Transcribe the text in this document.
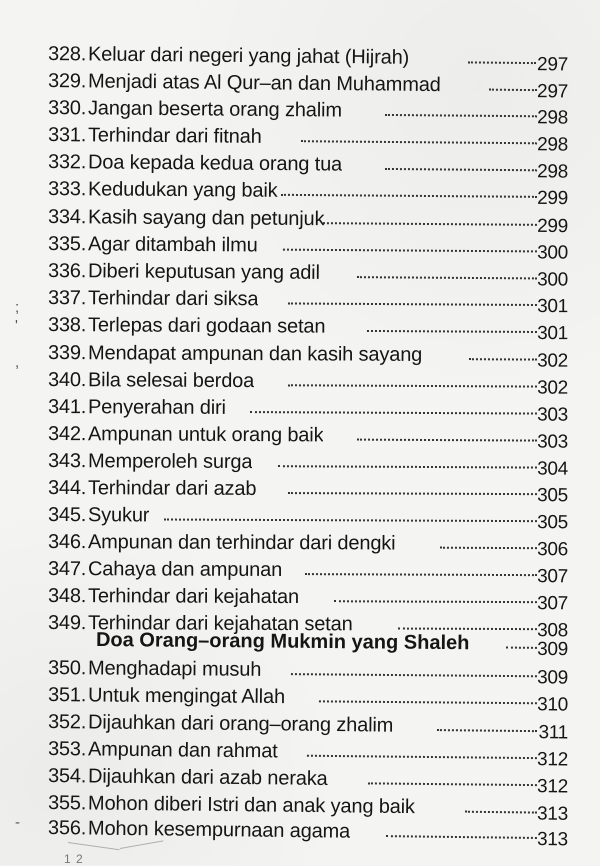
328. Keluar dari negeri yang jahat (Hijrah)	297
329. Menjadi atas Al Qur–an dan Muhammad	297
330. Jangan beserta orang zhalim	298
331. Terhindar dari fitnah	298
332. Doa kepada kedua orang tua	298
333. Kedudukan yang baik	299
334. Kasih sayang dan petunjuk	299
335. Agar ditambah ilmu	300
336. Diberi keputusan yang adil	300
337. Terhindar dari siksa	301
338. Terlepas dari godaan setan	301
339. Mendapat ampunan dan kasih sayang	302
340. Bila selesai berdoa	302
341. Penyerahan diri	303
342. Ampunan untuk orang baik	303
343. Memperoleh surga	304
344. Terhindar dari azab	305
345. Syukur	305
346. Ampunan dan terhindar dari dengki	306
347. Cahaya dan ampunan	307
348. Terhindar dari kejahatan	307
349. Terhindar dari kejahatan setan	308
Doa Orang–orang Mukmin yang Shaleh	309
350. Menghadapi musuh	309
351. Untuk mengingat Allah	310
352. Dijauhkan dari orang–orang zhalim	311
353. Ampunan dan rahmat	312
354. Dijauhkan dari azab neraka	312
355. Mohon diberi Istri dan anak yang baik	313
356. Mohon kesempurnaan agama	313
;
'
,
-
1 2
